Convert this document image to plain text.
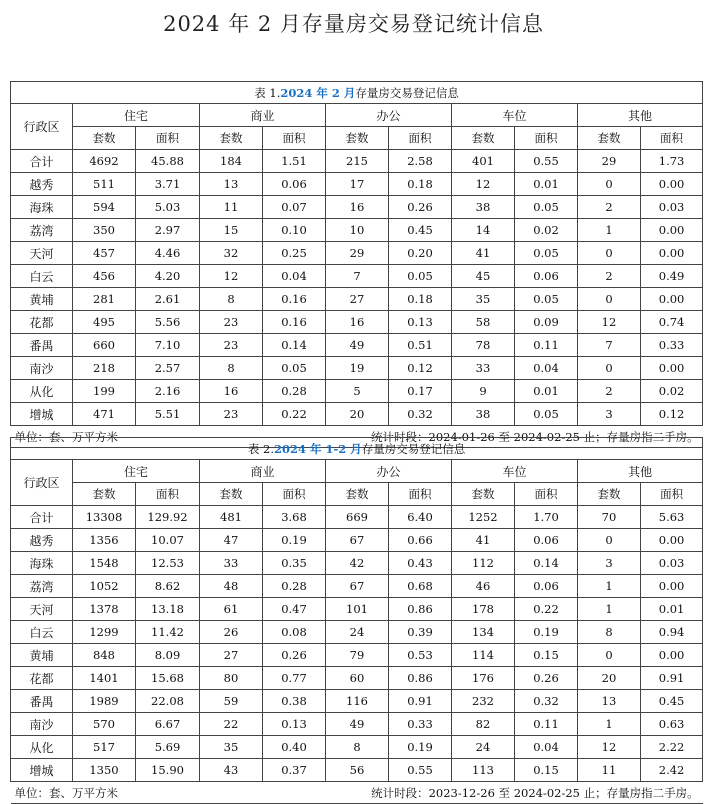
2024 年 2 月存量房交易登记统计信息
表 1.2024 年 2 月存量房交易登记信息										
行政区	住宅		商业		办公		车位		其他	
	套数	面积	套数	面积	套数	面积	套数	面积	套数	面积
合计	4692	45.88	184	1.51	215	2.58	401	0.55	29	1.73
越秀	511	3.71	13	0.06	17	0.18	12	0.01	0	0.00
海珠	594	5.03	11	0.07	16	0.26	38	0.05	2	0.03
荔湾	350	2.97	15	0.10	10	0.45	14	0.02	1	0.00
天河	457	4.46	32	0.25	29	0.20	41	0.05	0	0.00
白云	456	4.20	12	0.04	7	0.05	45	0.06	2	0.49
黄埔	281	2.61	8	0.16	27	0.18	35	0.05	0	0.00
花都	495	5.56	23	0.16	16	0.13	58	0.09	12	0.74
番禺	660	7.10	23	0.14	49	0.51	78	0.11	7	0.33
南沙	218	2.57	8	0.05	19	0.12	33	0.04	0	0.00
从化	199	2.16	16	0.28	5	0.17	9	0.01	2	0.02
增城	471	5.51	23	0.22	20	0.32	38	0.05	3	0.12
单位：套、万平方米			统计时段：2024-01-26 至 2024-02-25 止；存量房指二手房。							
表 2.2024 年 1-2 月存量房交易登记信息										
行政区	住宅		商业		办公		车位		其他	
	套数	面积	套数	面积	套数	面积	套数	面积	套数	面积
合计	13308	129.92	481	3.68	669	6.40	1252	1.70	70	5.63
越秀	1356	10.07	47	0.19	67	0.66	41	0.06	0	0.00
海珠	1548	12.53	33	0.35	42	0.43	112	0.14	3	0.03
荔湾	1052	8.62	48	0.28	67	0.68	46	0.06	1	0.00
天河	1378	13.18	61	0.47	101	0.86	178	0.22	1	0.01
白云	1299	11.42	26	0.08	24	0.39	134	0.19	8	0.94
黄埔	848	8.09	27	0.26	79	0.53	114	0.15	0	0.00
花都	1401	15.68	80	0.77	60	0.86	176	0.26	20	0.91
番禺	1989	22.08	59	0.38	116	0.91	232	0.32	13	0.45
南沙	570	6.67	22	0.13	49	0.33	82	0.11	1	0.63
从化	517	5.69	35	0.40	8	0.19	24	0.04	12	2.22
增城	1350	15.90	43	0.37	56	0.55	113	0.15	11	2.42
单位：套、万平方米			统计时段：2023-12-26 至 2024-02-25 止；存量房指二手房。							
